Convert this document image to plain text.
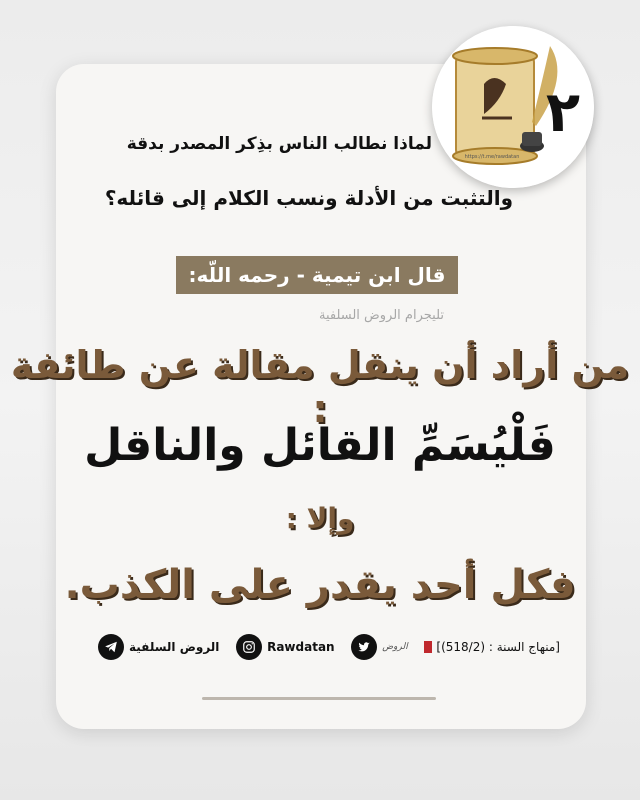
٢
https://t.me/rawdatan
لماذا نطالب الناس بذِكر المصدر بدقة
والتثبت من الأدلة ونسب الكلام إلى قائله؟
قال ابن تيمية - رحمه اللّه:
تليجرام الروض السلفية
من أراد أن ينقل مقالة عن طائفة :
فَلْيُسَمِّ القائل والناقل
وإلا :
فكل أحد يقدر على الكذب.
الروض السلفية	Rawdatan	الروض [منهاج السنة : (518/2)]
